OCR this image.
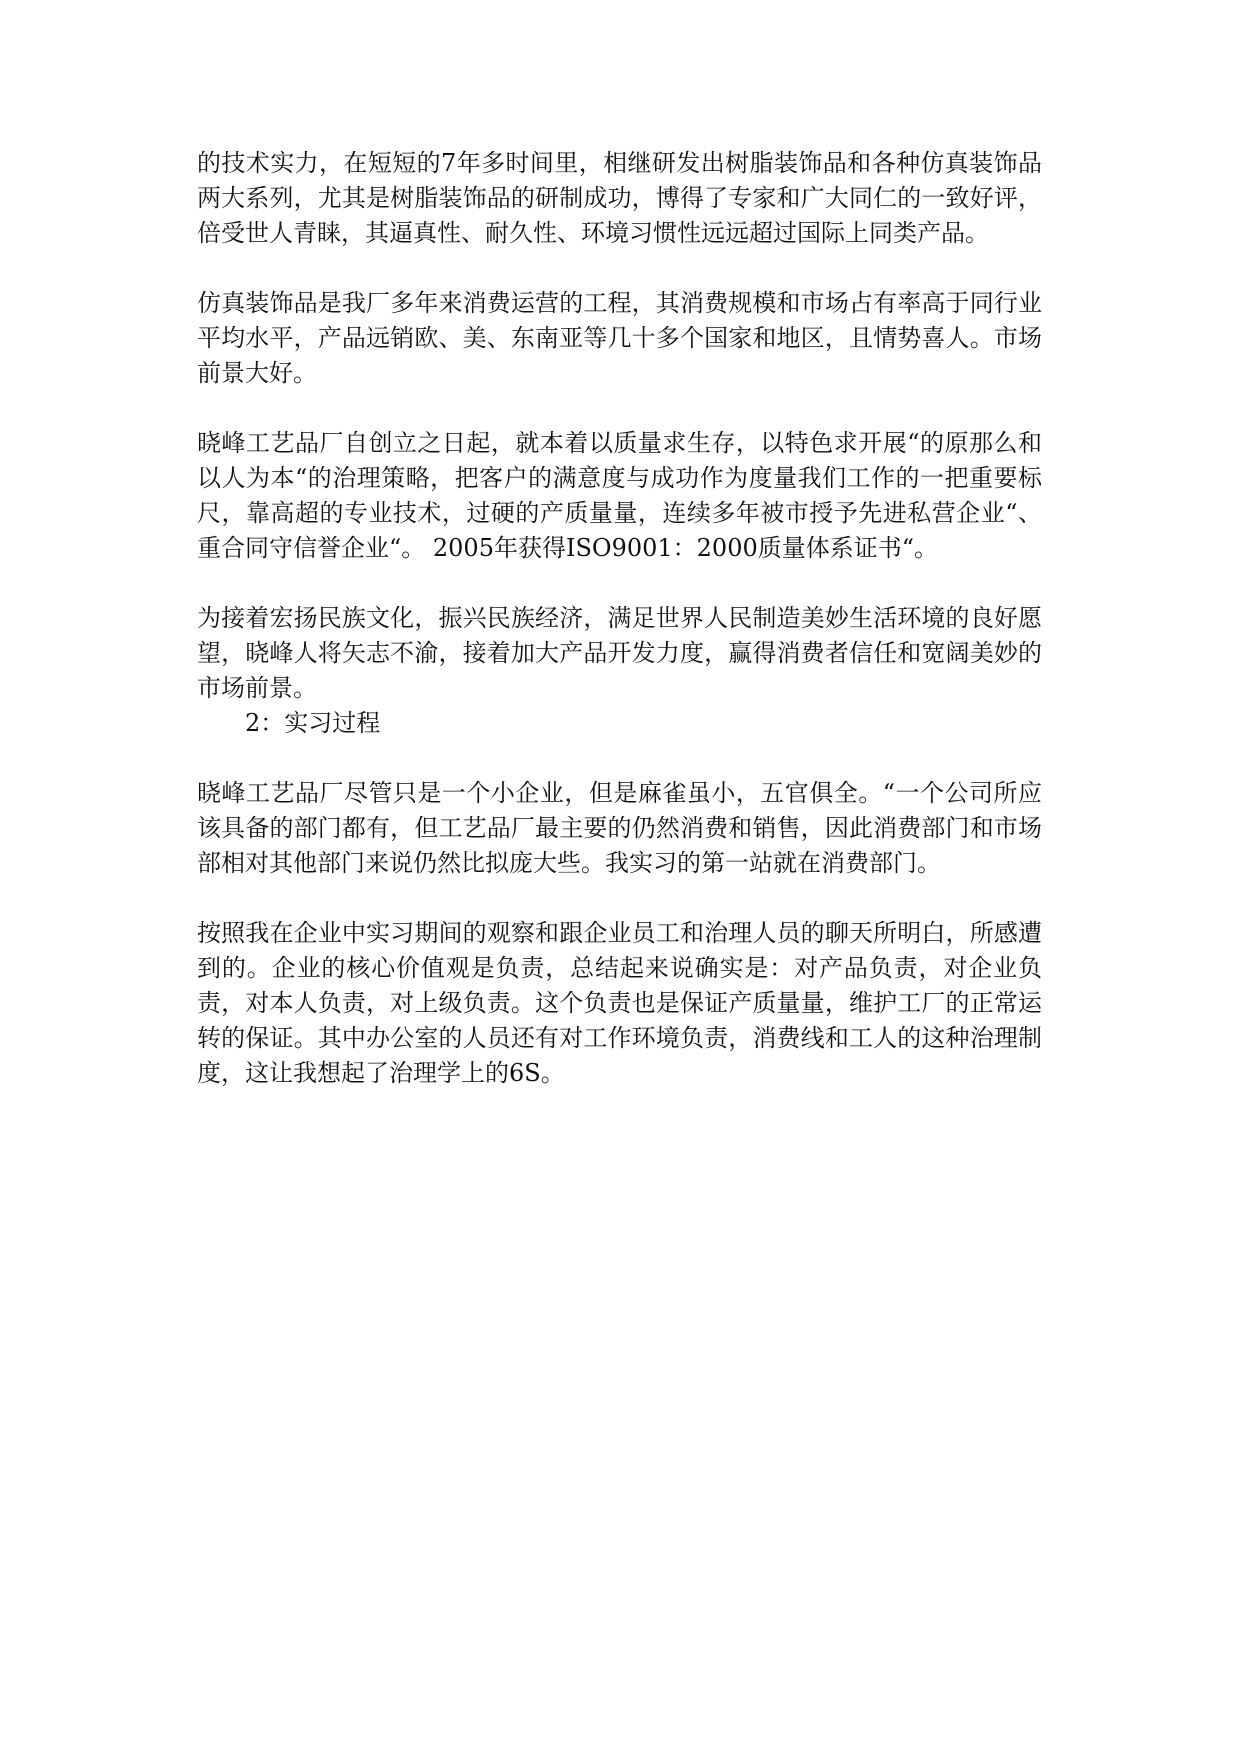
的技术实力，在短短的7年多时间里，相继研发出树脂装饰品和各种仿真装饰品两大系列，尤其是树脂装饰品的研制成功，博得了专家和广大同仁的一致好评，倍受世人青睐，其逼真性、耐久性、环境习惯性远远超过国际上同类产品。

仿真装饰品是我厂多年来消费运营的工程，其消费规模和市场占有率高于同行业平均水平，产品远销欧、美、东南亚等几十多个国家和地区，且情势喜人。市场前景大好。

晓峰工艺品厂自创立之日起，就本着以质量求生存，以特色求开展“的原那么和以人为本“的治理策略，把客户的满意度与成功作为度量我们工作的一把重要标尺，靠高超的专业技术，过硬的产质量量，连续多年被市授予先进私营企业“、重合同守信誉企业“。 2005年获得ISO9001：2000质量体系证书“。

为接着宏扬民族文化，振兴民族经济，满足世界人民制造美妙生活环境的良好愿望，晓峰人将矢志不渝，接着加大产品开发力度，赢得消费者信任和宽阔美妙的市场前景。

2：实习过程

晓峰工艺品厂尽管只是一个小企业，但是麻雀虽小，五官俱全。“一个公司所应该具备的部门都有，但工艺品厂最主要的仍然消费和销售，因此消费部门和市场部相对其他部门来说仍然比拟庞大些。我实习的第一站就在消费部门。

按照我在企业中实习期间的观察和跟企业员工和治理人员的聊天所明白，所感遭到的。企业的核心价值观是负责，总结起来说确实是：对产品负责，对企业负责，对本人负责，对上级负责。这个负责也是保证产质量量，维护工厂的正常运转的保证。其中办公室的人员还有对工作环境负责，消费线和工人的这种治理制度，这让我想起了治理学上的6S。
